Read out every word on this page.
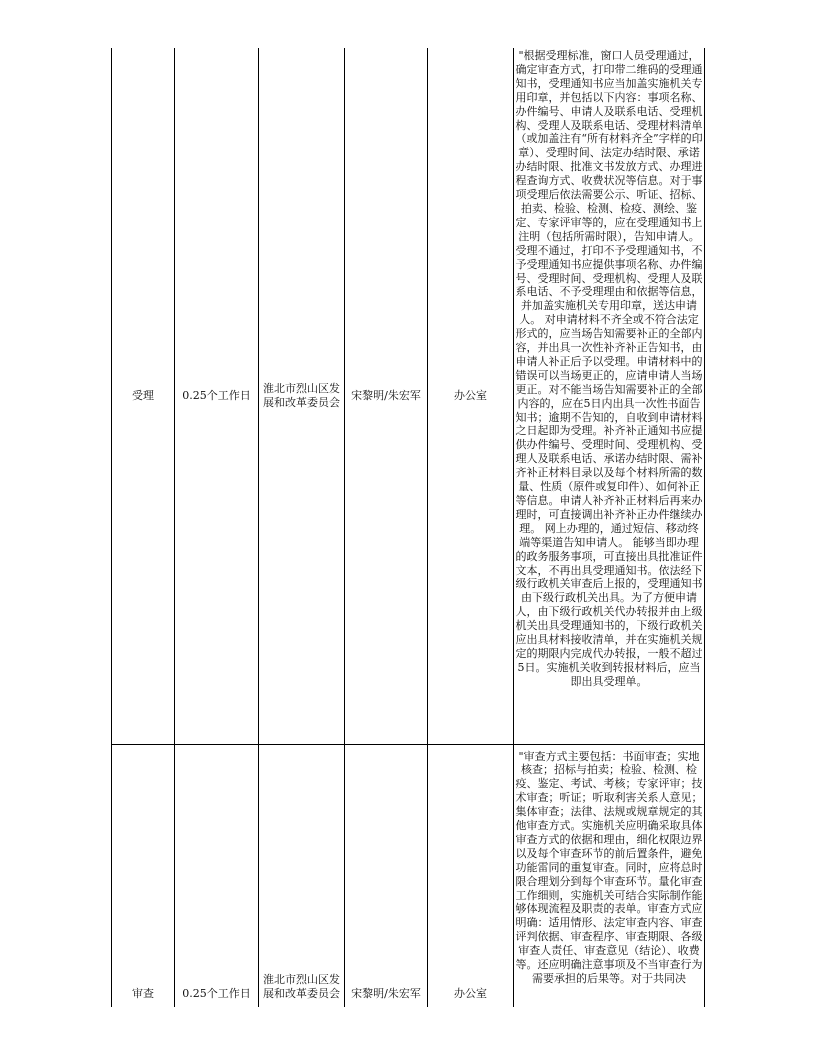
受理	0.25个工作日	淮北市烈山区发展和改革委员会	宋黎明/朱宏军	办公室	"根据受理标准，窗口人员受理通过，确定审查方式，打印带二维码的受理通知书，受理通知书应当加盖实施机关专用印章，并包括以下内容：事项名称、办件编号、申请人及联系电话、受理机构、受理人及联系电话、受理材料清单（或加盖注有“所有材料齐全”字样的印章）、受理时间、法定办结时限、承诺办结时限、批准文书发放方式、办理进程查询方式、收费状况等信息。对于事项受理后依法需要公示、听证、招标、拍卖、检验、检测、检疫、测绘、鉴定、专家评审等的，应在受理通知书上注明（包括所需时限），告知申请人。 受理不通过，打印不予受理通知书，不予受理通知书应提供事项名称、办件编号、受理时间、受理机构、受理人及联系电话、不予受理理由和依据等信息，并加盖实施机关专用印章，送达申请人。 对申请材料不齐全或不符合法定形式的，应当场告知需要补正的全部内容，并出具一次性补齐补正告知书，由申请人补正后予以受理。申请材料中的错误可以当场更正的，应请申请人当场更正。对不能当场告知需要补正的全部内容的，应在5日内出具一次性书面告知书；逾期不告知的，自收到申请材料之日起即为受理。补齐补正通知书应提供办件编号、受理时间、受理机构、受理人及联系电话、承诺办结时限、需补齐补正材料目录以及每个材料所需的数量、性质（原件或复印件）、如何补正等信息。申请人补齐补正材料后再来办理时，可直接调出补齐补正办件继续办理。 网上办理的，通过短信、移动终端等渠道告知申请人。 能够当即办理的政务服务事项，可直接出具批准证件文本，不再出具受理通知书。依法经下级行政机关审查后上报的，受理通知书由下级行政机关出具。为了方便申请人，由下级行政机关代办转报并由上级机关出具受理通知书的，下级行政机关应出具材料接收清单，并在实施机关规定的期限内完成代办转报，一般不超过5日。实施机关收到转报材料后，应当即出具受理单。

审查	0.25个工作日	淮北市烈山区发展和改革委员会	宋黎明/朱宏军	办公室	"审查方式主要包括：书面审查；实地核查；招标与拍卖；检验、检测、检疫、鉴定、考试、考核；专家评审；技术审查；听证；听取利害关系人意见；集体审查；法律、法规或规章规定的其他审查方式。实施机关应明确采取具体审查方式的依据和理由，细化权限边界以及每个审查环节的前后置条件，避免功能雷同的重复审查。同时，应将总时限合理划分到每个审查环节。量化审查工作细则，实施机关可结合实际制作能够体现流程及职责的表单。审查方式应明确：适用情形、法定审查内容、审查评判依据、审查程序、审查期限、各级审查人责任、审查意见（结论）、收费等。还应明确注意事项及不当审查行为需要承担的后果等。对于共同决
